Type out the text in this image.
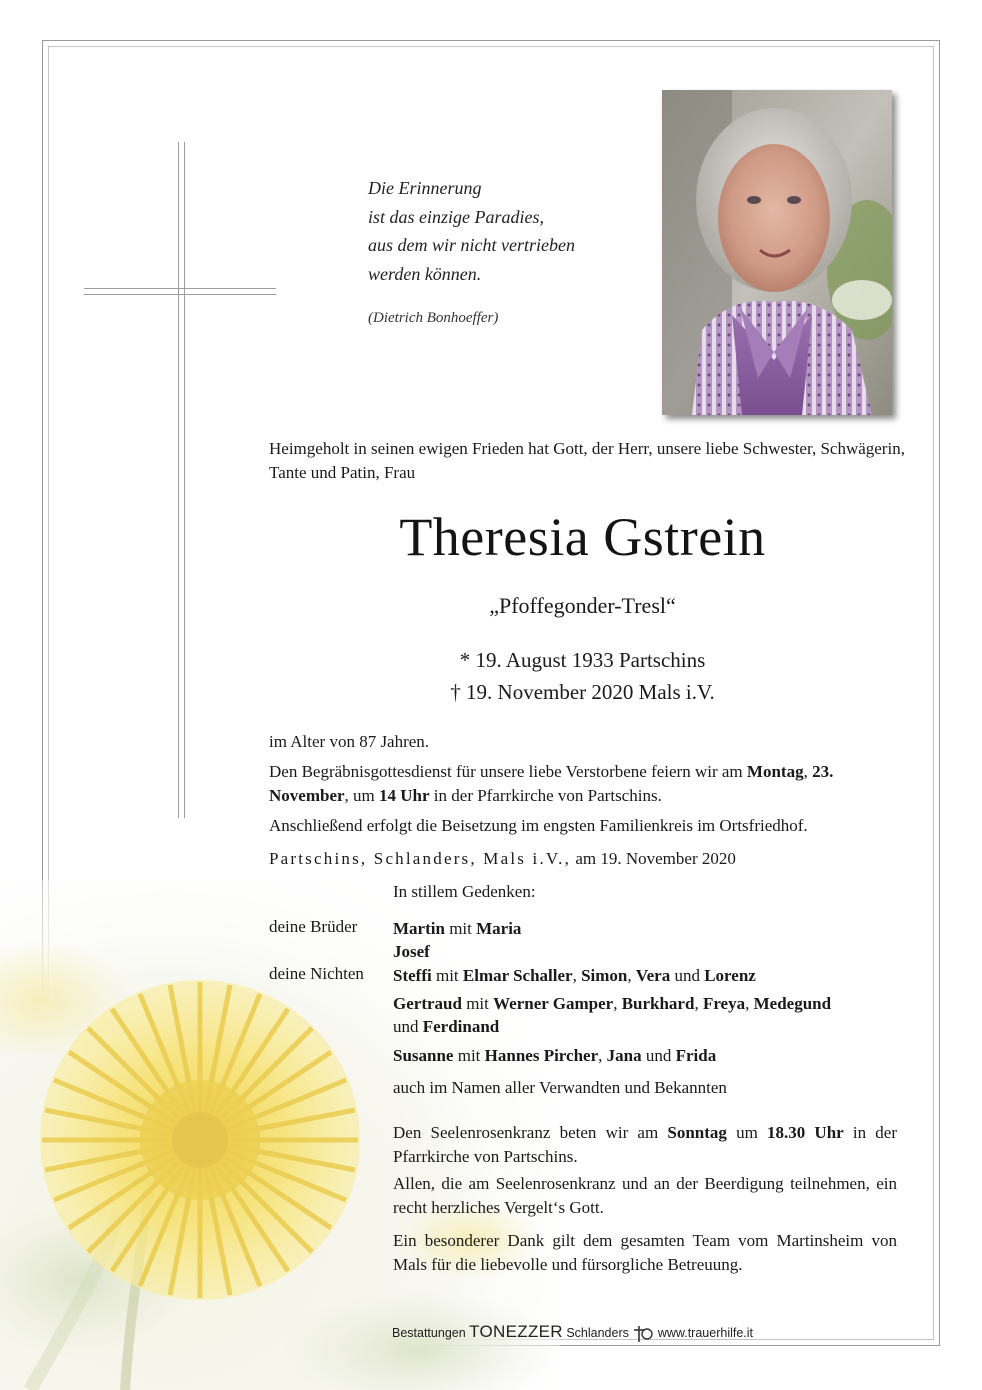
Die Erinnerung
ist das einzige Paradies,
aus dem wir nicht vertrieben
werden können.
(Dietrich Bonhoeffer)
Heimgeholt in seinen ewigen Frieden hat Gott, der Herr, unsere liebe Schwester, Schwägerin, Tante und Patin, Frau
Theresia Gstrein
„Pfoffegonder-Tresl“
* 19. August 1933 Partschins
† 19. November 2020 Mals i.V.
im Alter von 87 Jahren.
Den Begräbnisgottesdienst für unsere liebe Verstorbene feiern wir am Montag, 23. November, um 14 Uhr in der Pfarrkirche von Partschins.
Anschließend erfolgt die Beisetzung im engsten Familienkreis im Ortsfriedhof.
Partschins, Schlanders, Mals i.V., am 19. November 2020
In stillem Gedenken:
deine Brüder Martin mit Maria
Josef
deine Nichten Steffi mit Elmar Schaller, Simon, Vera und Lorenz
Gertraud mit Werner Gamper, Burkhard, Freya, Medegund
und Ferdinand
Susanne mit Hannes Pircher, Jana und Frida
auch im Namen aller Verwandten und Bekannten
Den Seelenrosenkranz beten wir am Sonntag um 18.30 Uhr in der Pfarrkirche von Partschins.
Allen, die am Seelenrosenkranz und an der Beerdigung teilnehmen, ein recht herzliches Vergelt‘s Gott.
Ein besonderer Dank gilt dem gesamten Team vom Martinsheim von Mals für die liebevolle und fürsorgliche Betreuung.
Bestattungen TONEZZER Schlanders www.trauerhilfe.it
